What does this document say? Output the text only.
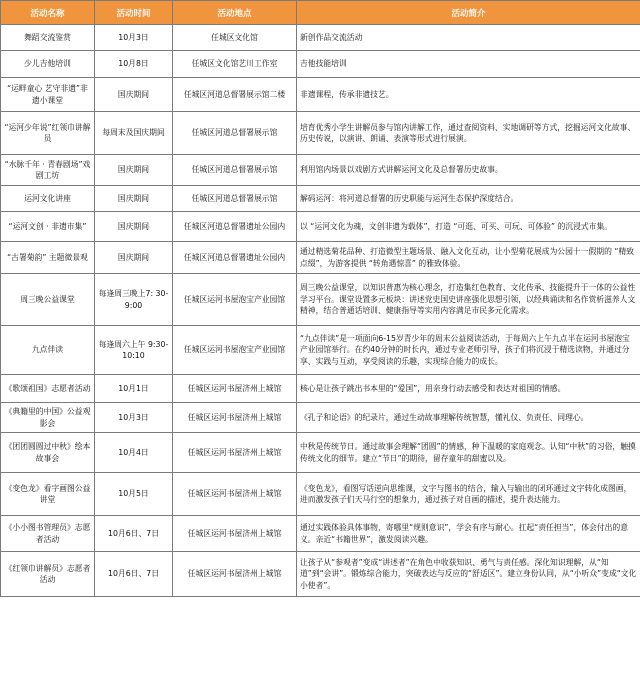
活动名称	活动时间	活动地点	活动简介
舞蹈交流鉴赏	10月3日	任城区文化馆	新创作品交流活动
少儿吉他培训	10月8日	任城区文化馆艺川工作室	吉他技能培训
“运畔童心 艺守非遗”非遗小课堂	国庆期间	任城区河道总督署展示馆二楼	非遗课程，传承非遗技艺。
“运河少年说”红领巾讲解员	每周末及国庆期间	任城区河道总督署展示馆	培育优秀小学生讲解员参与馆内讲解工作，通过查阅资料、实地调研等方式，挖掘运河文化故事、历史传说，以演讲、朗诵、表演等形式进行展演。
“水脉千年 · 青春剧场”戏剧工坊	国庆期间	任城区河道总督署展示馆	利用馆内场景以戏剧方式讲解运河文化及总督署历史故事。
运河文化讲座	国庆期间	任城区河道总督署展示馆	解码运河：将河道总督署的历史职能与运河生态保护深度结合。
“运河文创 · 非遗市集”	国庆期间	任城区河道总督署遗址公园内	以 “运河文化为魂，文创非遗为载体”，打造 “可逛、可买、可玩、可体验” 的沉浸式市集。
“古署菊韵” 主题微景观	国庆期间	任城区河道总督署遗址公园内	通过精选菊花品种、打造微型主题场景、融入文化互动，让小型菊花展成为公园十一假期的 “精致点缀”，为游客提供 “转角遇惊喜” 的雅致体验。
周三晚公益课堂	每逢周三晚上7: 30-9:00	任城区运河书屋泡宝产业园馆	周三晚公益课堂，以知识普惠为核心理念，打造集红色教育、文化传承、技能提升于一体的公益性学习平台。课堂设置多元板块：讲述党史国史讲座强化思想引领，以经典诵读和名作赏析滋养人文精神，结合普通话培训、健康指导等实用内容满足市民多元化需求。
九点伴读	每逢周六上午 9:30-10:10	任城区运河书屋泡宝产业园馆	“九点伴读”是一项面向6-15岁青少年的周末公益阅读活动，于每周六上午九点半在运河书屋泡宝产业园馆举行。在约40分钟的时长内，通过专业老师引导，孩子们将沉浸于精选读物，并通过分享、实践与互动，享受阅读的乐趣，实现综合能力的成长。
《歌颂祖国》志愿者活动	10月1日	任城区运河书屋济州上城馆	核心是让孩子跳出书本里的“爱国”，用亲身行动去感受和表达对祖国的情感。
《典籍里的中国》公益观影会	10月3日	任城区运河书屋济州上城馆	《孔子和论语》的纪录片，通过生动故事理解传统智慧，懂礼仪、负责任、同理心。
《团团圆圆过中秋》绘本故事会	10月4日	任城区运河书屋济州上城馆	中秋是传统节日。通过故事会理解“团圆”的情感，种下温暖的家庭观念。认知“中秋”的习俗，触摸传统文化的细节。建立“节日”的期待，留存童年的甜蜜以及。
《变色龙》看字画图公益讲堂	10月5日	任城区运河书屋济州上城馆	《变色龙》，看图写话逆向思维课，文字与图书的结合，输入与输出的闭环通过文字转化成图画，进而激发孩子们天马行空的想象力，通过孩子对自画的描述，提升表达能力。
《小小图书管理员》志愿者活动	10月6日、7日	任城区运河书屋济州上城馆	通过实践体验具体事物，寄哪里“规则意识”，学会有序与耐心。扛起“责任担当”，体会付出的意义。亲近“书籍世界”，激发阅读兴趣。
《红领巾讲解员》志愿者活动	10月6日、7日	任城区运河书屋济州上城馆	让孩子从“参观者”变成“讲述者”在角色中收获知识、勇气与责任感。深化知识理解，从“知道”到“会讲”。锻炼综合能力，突破表达与反应的“舒适区”。建立身份认同，从“小听众”变成“文化小使者”。
